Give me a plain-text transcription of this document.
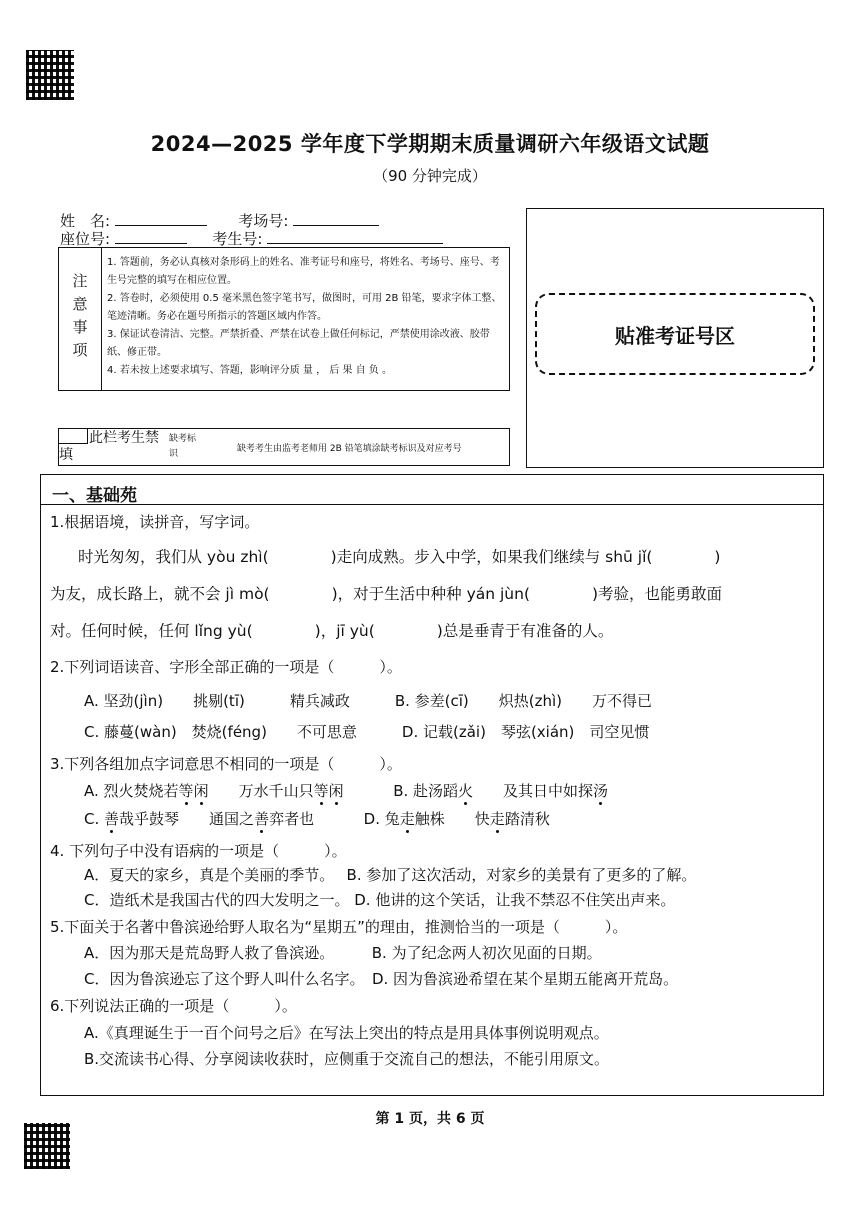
2024—2025 学年度下学期期末质量调研六年级语文试题
（90 分钟完成）
姓　名:	考场号:
座位号:	考生号:
注意事项
1. 答题前，务必认真核对条形码上的姓名、准考证号和座号，将姓名、考场号、座号、考生号完整的填写在相应位置。
2. 答卷时，必须使用 0.5 毫米黑色签字笔书写，做图时，可用 2B 铅笔，要求字体工整、笔迹清晰。务必在题号所指示的答题区域内作答。
3. 保证试卷清洁、完整。严禁折叠、严禁在试卷上做任何标记，严禁使用涂改液、胶带纸、修正带。
4. 若未按上述要求填写、答题，影响评分质 量 ， 后 果 自 负 。
贴准考证号区
此栏考生禁填
缺考标识	缺考考生由监考老师用 2B 铅笔填涂缺考标识及对应考号
一、基础苑
1.根据语境，读拼音，写字词。
时光匆匆，我们从 yòu zhì(　　　　)走向成熟。步入中学，如果我们继续与 shū jǐ(　　　　)
为友，成长路上，就不会 jì mò(　　　　)，对于生活中种种 yán jùn(　　　　)考验，也能勇敢面
对。任何时候，任何 lǐng yù(　　　　)，jī yù(　　　　)总是垂青于有准备的人。
2.下列词语读音、字形全部正确的一项是（　　　）。
A. 坚劲(jìn)　　挑剔(tī)　　　精兵减政　　　B. 参差(cī)　　炽热(zhì)　　万不得已
C. 藤蔓(wàn)　焚烧(féng)　　不可思意　　　D. 记载(zǎi)　琴弦(xián)　司空见惯
3.下列各组加点字词意思不相同的一项是（　　　）。
A. 烈火焚烧若等闲　　万水千山只等闲	B. 赴汤蹈火　　及其日中如探汤
C. 善哉乎鼓琴　　通国之善弈者也	D. 兔走触株　　快走踏清秋
4. 下列句子中没有语病的一项是（　　　）。
A．夏天的家乡，真是个美丽的季节。　 B. 参加了这次活动，对家乡的美景有了更多的了解。
C．造纸术是我国古代的四大发明之一。 D. 他讲的这个笑话，让我不禁忍不住笑出声来。
5.下面关于名著中鲁滨逊给野人取名为“星期五”的理由，推测恰当的一项是（　　　）。
A．因为那天是荒岛野人救了鲁滨逊。　　　B. 为了纪念两人初次见面的日期。
C．因为鲁滨逊忘了这个野人叫什么名字。　D. 因为鲁滨逊希望在某个星期五能离开荒岛。
6.下列说法正确的一项是（　　　）。
A.《真理诞生于一百个问号之后》在写法上突出的特点是用具体事例说明观点。
B.交流读书心得、分享阅读收获时，应侧重于交流自己的想法，不能引用原文。
第 1 页，共 6 页
